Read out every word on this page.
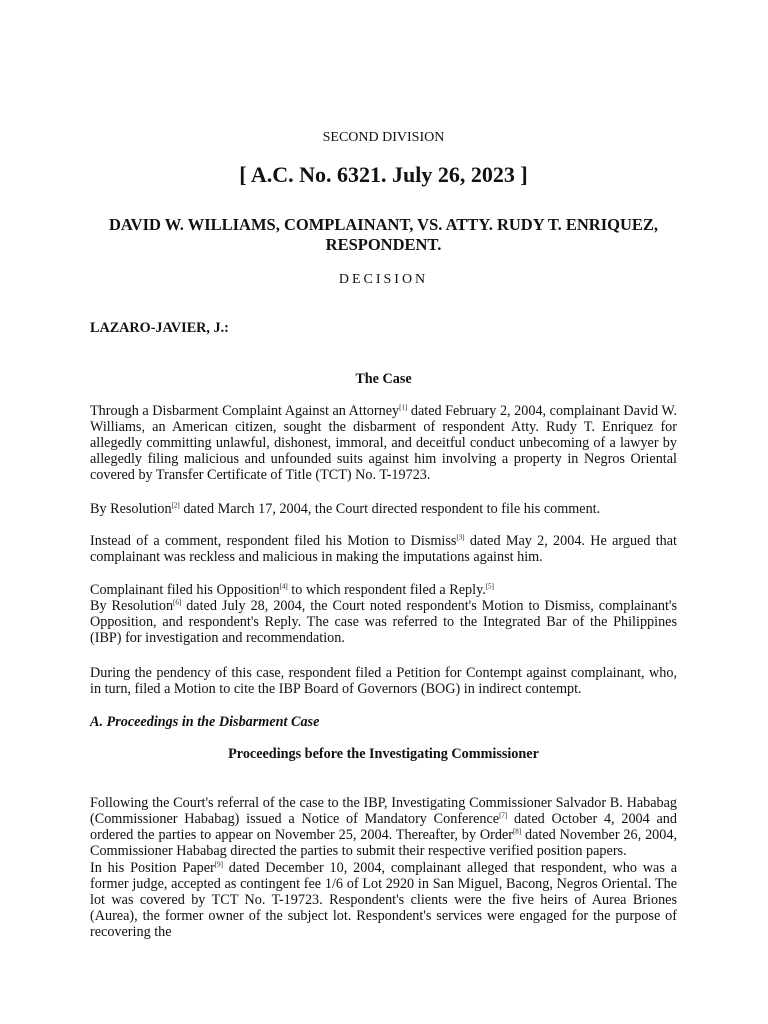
SECOND DIVISION
[ A.C. No. 6321. July 26, 2023 ]
DAVID W. WILLIAMS, COMPLAINANT, VS. ATTY. RUDY T. ENRIQUEZ, RESPONDENT.
DECISION
LAZARO-JAVIER, J.:
The Case
Through a Disbarment Complaint Against an Attorney[1] dated February 2, 2004, complainant David W. Williams, an American citizen, sought the disbarment of respondent Atty. Rudy T. Enriquez for allegedly committing unlawful, dishonest, immoral, and deceitful conduct unbecoming of a lawyer by allegedly filing malicious and unfounded suits against him involving a property in Negros Oriental covered by Transfer Certificate of Title (TCT) No. T-19723.
By Resolution[2] dated March 17, 2004, the Court directed respondent to file his comment.
Instead of a comment, respondent filed his Motion to Dismiss[3] dated May 2, 2004. He argued that complainant was reckless and malicious in making the imputations against him.
Complainant filed his Opposition[4] to which respondent filed a Reply.[5]
By Resolution[6] dated July 28, 2004, the Court noted respondent's Motion to Dismiss, complainant's Opposition, and respondent's Reply. The case was referred to the Integrated Bar of the Philippines (IBP) for investigation and recommendation.
During the pendency of this case, respondent filed a Petition for Contempt against complainant, who, in turn, filed a Motion to cite the IBP Board of Governors (BOG) in indirect contempt.
A. Proceedings in the Disbarment Case
Proceedings before the Investigating Commissioner
Following the Court's referral of the case to the IBP, Investigating Commissioner Salvador B. Hababag (Commissioner Hababag) issued a Notice of Mandatory Conference[7] dated October 4, 2004 and ordered the parties to appear on November 25, 2004. Thereafter, by Order[8] dated November 26, 2004, Commissioner Hababag directed the parties to submit their respective verified position papers.
In his Position Paper[9] dated December 10, 2004, complainant alleged that respondent, who was a former judge, accepted as contingent fee 1/6 of Lot 2920 in San Miguel, Bacong, Negros Oriental. The lot was covered by TCT No. T-19723. Respondent's clients were the five heirs of Aurea Briones (Aurea), the former owner of the subject lot. Respondent's services were engaged for the purpose of recovering the
